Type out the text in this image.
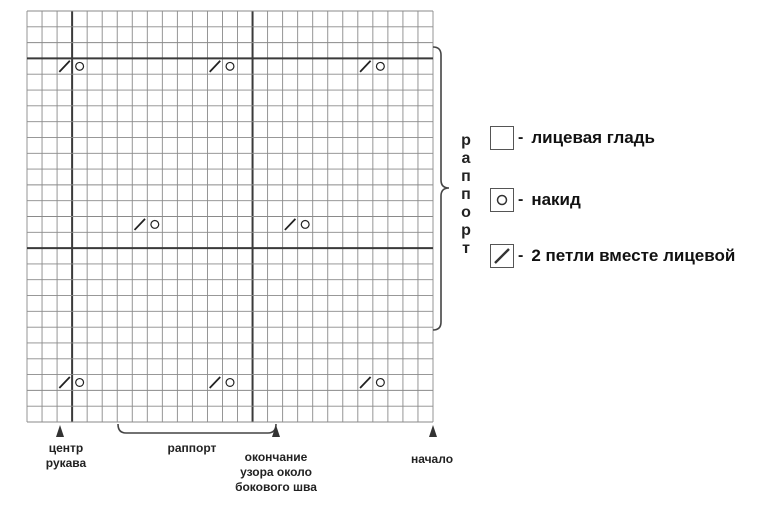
р
а
п
п
о
р
т
центр
рукава
раппорт
окончание
узора около
бокового шва
начало
- лицевая гладь
- накид
- 2 петли вместе лицевой
